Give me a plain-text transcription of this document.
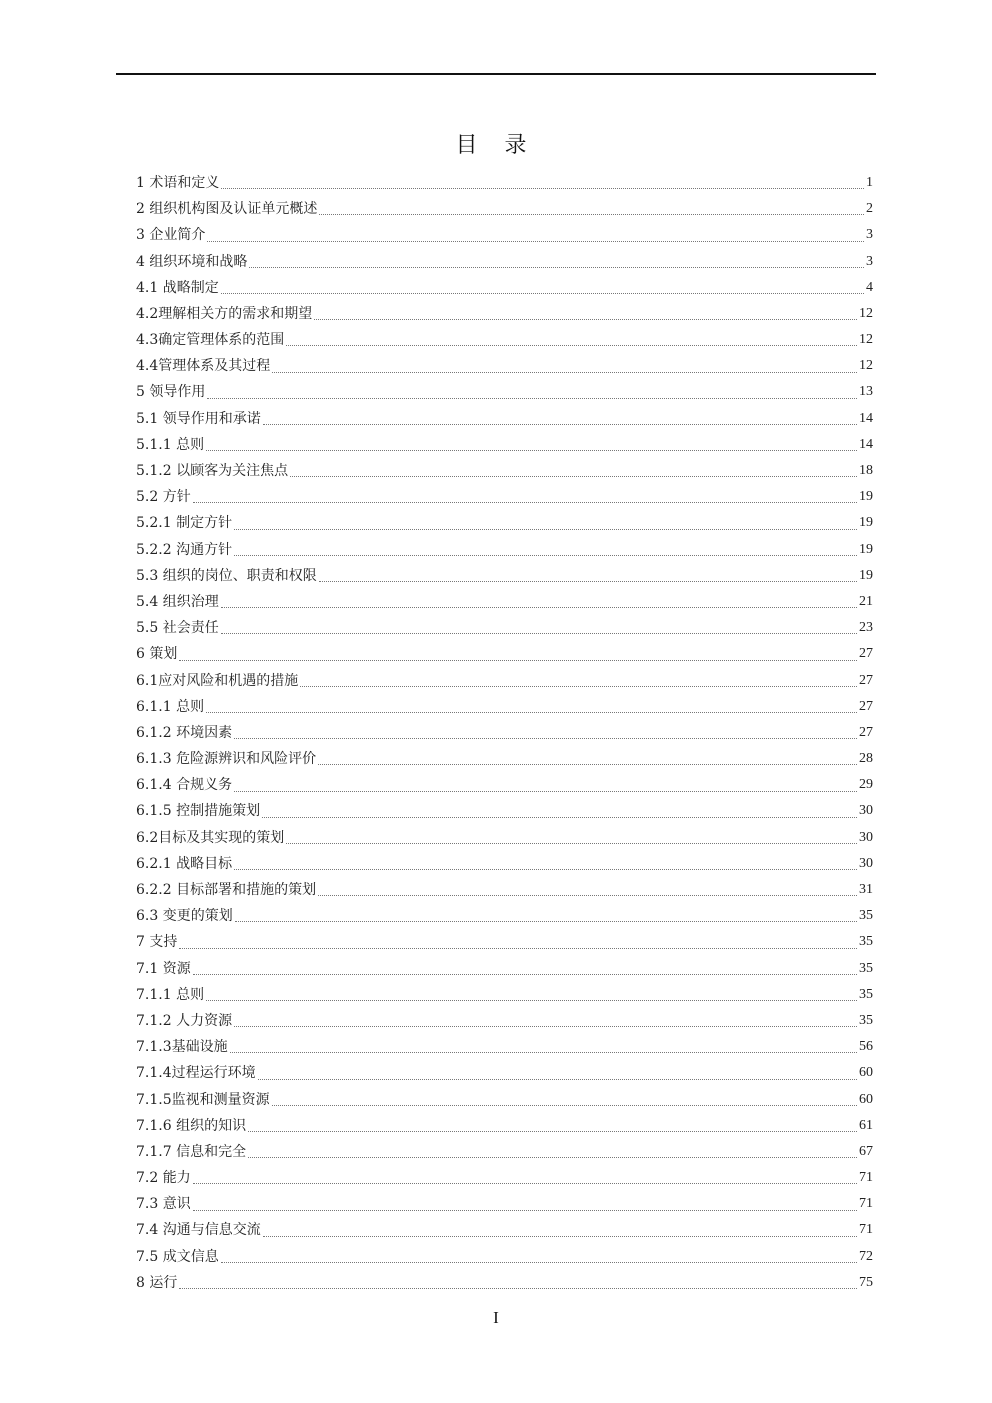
目 录
1 术语和定义	1
2 组织机构图及认证单元概述	2
3 企业简介	3
4 组织环境和战略	3
4.1 战略制定	4
4.2理解相关方的需求和期望	12
4.3确定管理体系的范围	12
4.4管理体系及其过程	12
5 领导作用	13
5.1 领导作用和承诺	14
5.1.1 总则	14
5.1.2 以顾客为关注焦点	18
5.2 方针	19
5.2.1 制定方针	19
5.2.2 沟通方针	19
5.3 组织的岗位、职责和权限	19
5.4 组织治理	21
5.5 社会责任	23
6 策划	27
6.1应对风险和机遇的措施	27
6.1.1 总则	27
6.1.2 环境因素	27
6.1.3 危险源辨识和风险评价	28
6.1.4 合规义务	29
6.1.5 控制措施策划	30
6.2目标及其实现的策划	30
6.2.1 战略目标	30
6.2.2 目标部署和措施的策划	31
6.3 变更的策划	35
7 支持	35
7.1 资源	35
7.1.1 总则	35
7.1.2 人力资源	35
7.1.3基础设施	56
7.1.4过程运行环境	60
7.1.5监视和测量资源	60
7.1.6 组织的知识	61
7.1.7 信息和完全	67
7.2 能力	71
7.3 意识	71
7.4 沟通与信息交流	71
7.5 成文信息	72
8 运行	75
I
